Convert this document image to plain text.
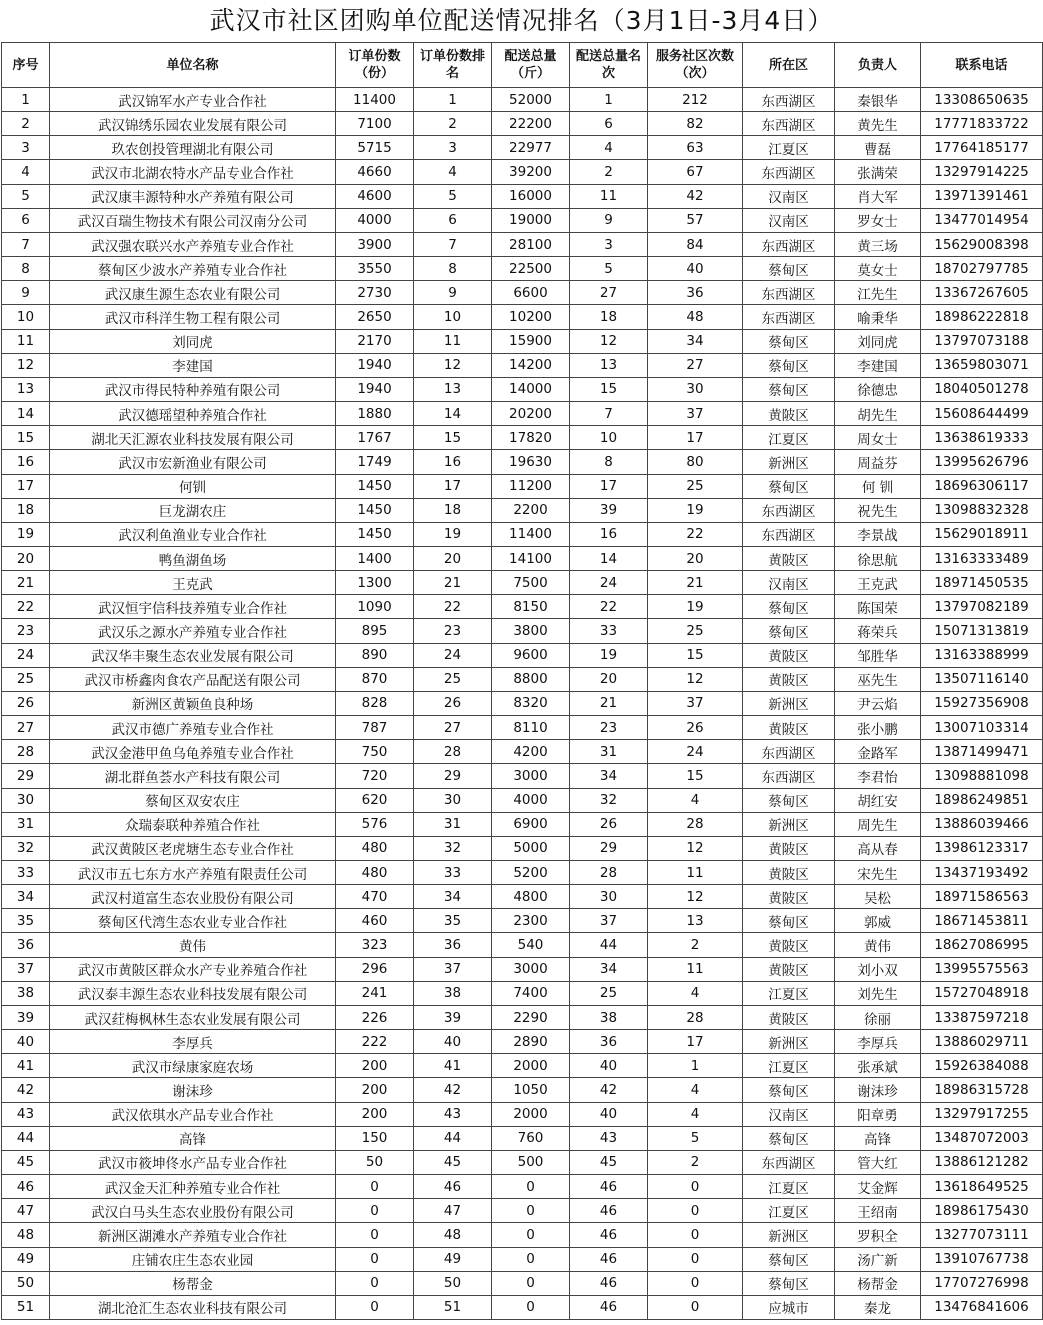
武汉市社区团购单位配送情况排名（3月1日-3月4日）
序号	单位名称	订单份数（份）	订单份数排名	配送总量（斤）	配送总量名次	服务社区次数（次）	所在区	负责人	联系电话
1	武汉锦军水产专业合作社	11400	1	52000	1	212	东西湖区	秦银华	13308650635
2	武汉锦绣乐园农业发展有限公司	7100	2	22200	6	82	东西湖区	黄先生	17771833722
3	玖农创投管理湖北有限公司	5715	3	22977	4	63	江夏区	曹磊	17764185177
4	武汉市北湖农特水产品专业合作社	4660	4	39200	2	67	东西湖区	张满荣	13297914225
5	武汉康丰源特种水产养殖有限公司	4600	5	16000	11	42	汉南区	肖大军	13971391461
6	武汉百瑞生物技术有限公司汉南分公司	4000	6	19000	9	57	汉南区	罗女士	13477014954
7	武汉强农联兴水产养殖专业合作社	3900	7	28100	3	84	东西湖区	黄三场	15629008398
8	蔡甸区少波水产养殖专业合作社	3550	8	22500	5	40	蔡甸区	莫女士	18702797785
9	武汉康生源生态农业有限公司	2730	9	6600	27	36	东西湖区	江先生	13367267605
10	武汉市科洋生物工程有限公司	2650	10	10200	18	48	东西湖区	喻秉华	18986222818
11	刘同虎	2170	11	15900	12	34	蔡甸区	刘同虎	13797073188
12	李建国	1940	12	14200	13	27	蔡甸区	李建国	13659803071
13	武汉市得民特种养殖有限公司	1940	13	14000	15	30	蔡甸区	徐德忠	18040501278
14	武汉德瑶望种养殖合作社	1880	14	20200	7	37	黄陂区	胡先生	15608644499
15	湖北天汇源农业科技发展有限公司	1767	15	17820	10	17	江夏区	周女士	13638619333
16	武汉市宏新渔业有限公司	1749	16	19630	8	80	新洲区	周益芬	13995626796
17	何钏	1450	17	11200	17	25	蔡甸区	何 钏	18696306117
18	巨龙湖农庄	1450	18	2200	39	19	东西湖区	祝先生	13098832328
19	武汉利鱼渔业专业合作社	1450	19	11400	16	22	东西湖区	李景战	15629018911
20	鸭鱼湖鱼场	1400	20	14100	14	20	黄陂区	徐思航	13163333489
21	王克武	1300	21	7500	24	21	汉南区	王克武	18971450535
22	武汉恒宇信科技养殖专业合作社	1090	22	8150	22	19	蔡甸区	陈国荣	13797082189
23	武汉乐之源水产养殖专业合作社	895	23	3800	33	25	蔡甸区	蒋荣兵	15071313819
24	武汉华丰聚生态农业发展有限公司	890	24	9600	19	15	黄陂区	邹胜华	13163388999
25	武汉市桥鑫肉食农产品配送有限公司	870	25	8800	20	12	黄陂区	巫先生	13507116140
26	新洲区黄颖鱼良种场	828	26	8320	21	37	新洲区	尹云焰	15927356908
27	武汉市德广养殖专业合作社	787	27	8110	23	26	黄陂区	张小鹏	13007103314
28	武汉金港甲鱼乌龟养殖专业合作社	750	28	4200	31	24	东西湖区	金路军	13871499471
29	湖北群鱼荟水产科技有限公司	720	29	3000	34	15	东西湖区	李君怡	13098881098
30	蔡甸区双安农庄	620	30	4000	32	4	蔡甸区	胡红安	18986249851
31	众瑞泰联种养殖合作社	576	31	6900	26	28	新洲区	周先生	13886039466
32	武汉黄陂区老虎塘生态专业合作社	480	32	5000	29	12	黄陂区	高从春	13986123317
33	武汉市五七东方水产养殖有限责任公司	480	33	5200	28	11	黄陂区	宋先生	13437193492
34	武汉村道富生态农业股份有限公司	470	34	4800	30	12	黄陂区	吴松	18971586563
35	蔡甸区代湾生态农业专业合作社	460	35	2300	37	13	蔡甸区	郭威	18671453811
36	黄伟	323	36	540	44	2	黄陂区	黄伟	18627086995
37	武汉市黄陂区群众水产专业养殖合作社	296	37	3000	34	11	黄陂区	刘小双	13995575563
38	武汉泰丰源生态农业科技发展有限公司	241	38	7400	25	4	江夏区	刘先生	15727048918
39	武汉荭梅枫林生态农业发展有限公司	226	39	2290	38	28	黄陂区	徐丽	13387597218
40	李厚兵	222	40	2890	36	17	新洲区	李厚兵	13886029711
41	武汉市绿康家庭农场	200	41	2000	40	1	江夏区	张承斌	15926384088
42	谢沫珍	200	42	1050	42	4	蔡甸区	谢沫珍	18986315728
43	武汉依琪水产品专业合作社	200	43	2000	40	4	汉南区	阳章勇	13297917255
44	高锋	150	44	760	43	5	蔡甸区	高锋	13487072003
45	武汉市筱坤佟水产品专业合作社	50	45	500	45	2	东西湖区	管大红	13886121282
46	武汉金天汇种养殖专业合作社	0	46	0	46	0	江夏区	艾金辉	13618649525
47	武汉白马头生态农业股份有限公司	0	47	0	46	0	江夏区	王绍南	18986175430
48	新洲区湖滩水产养殖专业合作社	0	48	0	46	0	新洲区	罗积全	13277073111
49	庄铺农庄生态农业园	0	49	0	46	0	蔡甸区	汤广新	13910767738
50	杨帮金	0	50	0	46	0	蔡甸区	杨帮金	17707276998
51	湖北沧汇生态农业科技有限公司	0	51	0	46	0	应城市	秦龙	13476841606
